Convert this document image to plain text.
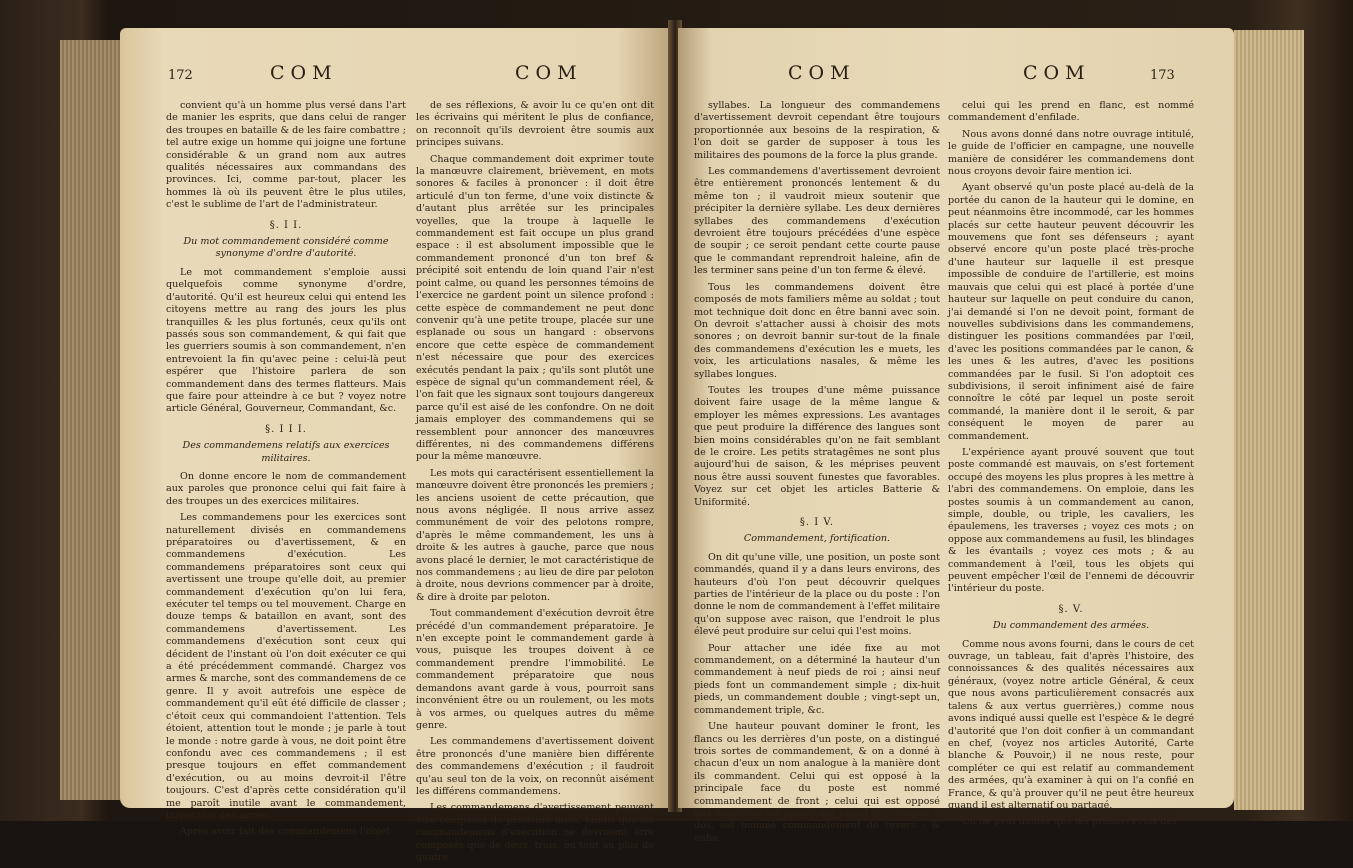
172	COM	COM

convient qu'à un homme plus versé dans l'art de manier les esprits, que dans celui de ranger des troupes en bataille & de les faire combattre ; tel autre exige un homme qui joigne une fortune considérable & un grand nom aux autres qualités nécessaires aux commandans des provinces. Ici, comme par-tout, placer les hommes là où ils peuvent être le plus utiles, c'est le sublime de l'art de l'administrateur.

§. I I.

Du mot commandement considéré comme synonyme d'ordre d'autorité.

Le mot commandement s'emploie aussi quelquefois comme synonyme d'ordre, d'autorité. Qu'il est heureux celui qui entend les citoyens mettre au rang des jours les plus tranquilles & les plus fortunés, ceux qu'ils ont passés sous son commandement, & qui fait que les guerriers soumis à son commandement, n'en entrevoient la fin qu'avec peine : celui-là peut espérer que l'histoire parlera de son commandement dans des termes flatteurs. Mais que faire pour atteindre à ce but ? voyez notre article Général, Gouverneur, Commandant, &c.

§. I I I.

Des commandemens relatifs aux exercices militaires.

On donne encore le nom de commandement aux paroles que prononce celui qui fait faire à des troupes un des exercices militaires.

Les commandemens pour les exercices sont naturellement divisés en commandemens préparatoires ou d'avertissement, & en commandemens d'exécution. Les commandemens préparatoires sont ceux qui avertissent une troupe qu'elle doit, au premier commandement d'exécution qu'on lui fera, exécuter tel temps ou tel mouvement. Charge en douze temps & bataillon en avant, sont des commandemens d'avertissement. Les commandemens d'exécution sont ceux qui décident de l'instant où l'on doit exécuter ce qui a été précédemment commandé. Chargez vos armes & marche, sont des commandemens de ce genre. Il y avoit autrefois une espèce de commandement qu'il eût été difficile de classer ; c'étoit ceux qui commandoient l'attention. Tels étoient, attention tout le monde ; je parle à tout le monde : notre garde à vous, ne doit point être confondu avec ces commandemens ; il est presque toujours en effet commandement d'exécution, ou au moins devroit-il l'être toujours. C'est d'après cette considération qu'il me paroît inutile avant le commandement, inspection des armes.

Après avoir fait des commandemens l'objet

de ses réflexions, & avoir lu ce qu'en ont dit les écrivains qui méritent le plus de confiance, on reconnoît qu'ils devroient être soumis aux principes suivans.

Chaque commandement doit exprimer toute la manœuvre clairement, brièvement, en mots sonores & faciles à prononcer : il doit être articulé d'un ton ferme, d'une voix distincte & d'autant plus arrêtée sur les principales voyelles, que la troupe à laquelle le commandement est fait occupe un plus grand espace : il est absolument impossible que le commandement prononcé d'un ton bref & précipité soit entendu de loin quand l'air n'est point calme, ou quand les personnes témoins de l'exercice ne gardent point un silence profond : cette espèce de commandement ne peut donc convenir qu'à une petite troupe, placée sur une esplanade ou sous un hangard : observons encore que cette espèce de commandement n'est nécessaire que pour des exercices exécutés pendant la paix ; qu'ils sont plutôt une espèce de signal qu'un commandement réel, & l'on fait que les signaux sont toujours dangereux parce qu'il est aisé de les confondre. On ne doit jamais employer des commandemens qui se ressemblent pour annoncer des manœuvres différentes, ni des commandemens différens pour la même manœuvre.

Les mots qui caractérisent essentiellement la manœuvre doivent être prononcés les premiers ; les anciens usoient de cette précaution, que nous avons négligée. Il nous arrive assez communément de voir des pelotons rompre, d'après le même commandement, les uns à droite & les autres à gauche, parce que nous avons placé le dernier, le mot caractéristique de nos commandemens ; au lieu de dire par peloton à droite, nous devrions commencer par à droite, & dire à droite par peloton.

Tout commandement d'exécution devroit être précédé d'un commandement préparatoire. Je n'en excepte point le commandement garde à vous, puisque les troupes doivent à ce commandement prendre l'immobilité. Le commandement préparatoire que nous demandons avant garde à vous, pourroit sans inconvénient être ou un roulement, ou les mots à vos armes, ou quelques autres du même genre.

Les commandemens d'avertissement doivent être prononcés d'une manière bien différente des commandemens d'exécution ; il faudroit qu'au seul ton de la voix, on reconnût aisément les différens commandemens.

Les commandemens d'avertissement peuvent être composés de plusieurs mots, tandis que les commandemens d'exécution ne devroient être composés que de deux, trois, ou tout au plus de quatre

COM	COM	173

syllabes. La longueur des commandemens d'avertissement devroit cependant être toujours proportionnée aux besoins de la respiration, & l'on doit se garder de supposer à tous les militaires des poumons de la force la plus grande.

Les commandemens d'avertissement devroient être entièrement prononcés lentement & du même ton ; il vaudroit mieux soutenir que précipiter la dernière syllabe. Les deux dernières syllabes des commandemens d'exécution devroient être toujours précédées d'une espèce de soupir ; ce seroit pendant cette courte pause que le commandant reprendroit haleine, afin de les terminer sans peine d'un ton ferme & élevé.

Tous les commandemens doivent être composés de mots familiers même au soldat ; tout mot technique doit donc en être banni avec soin. On devroit s'attacher aussi à choisir des mots sonores ; on devroit bannir sur-tout de la finale des commandemens d'exécution les e muets, les voix, les articulations nasales, & même les syllabes longues.

Toutes les troupes d'une même puissance doivent faire usage de la même langue & employer les mêmes expressions. Les avantages que peut produire la différence des langues sont bien moins considérables qu'on ne fait semblant de le croire. Les petits stratagêmes ne sont plus aujourd'hui de saison, & les méprises peuvent nous être aussi souvent funestes que favorables. Voyez sur cet objet les articles Batterie & Uniformité.

§. I V.

Commandement, fortification.

On dit qu'une ville, une position, un poste sont commandés, quand il y a dans leurs environs, des hauteurs d'où l'on peut découvrir quelques parties de l'intérieur de la place ou du poste : l'on donne le nom de commandement à l'effet militaire qu'on suppose avec raison, que l'endroit le plus élevé peut produire sur celui qui l'est moins.

Pour attacher une idée fixe au mot commandement, on a déterminé la hauteur d'un commandement à neuf pieds de roi ; ainsi neuf pieds font un commandement simple ; dix-huit pieds, un commandement double ; vingt-sept un, commandement triple, &c.

Une hauteur pouvant dominer le front, les flancs ou les derrières d'un poste, on a distingué trois sortes de commandement, & on a donné à chacun d'eux un nom analogue à la manière dont ils commandent. Celui qui est opposé à la principale face du poste est nommé commandement de front ; celui qui est opposé aux derrières du poste, qui prend les troupes à dos, est nommé commandement de revers ; & enfin

celui qui les prend en flanc, est nommé commandement d'enfilade.

Nous avons donné dans notre ouvrage intitulé, le guide de l'officier en campagne, une nouvelle manière de considérer les commandemens dont nous croyons devoir faire mention ici.

Ayant observé qu'un poste placé au-delà de la portée du canon de la hauteur qui le domine, en peut néanmoins être incommodé, car les hommes placés sur cette hauteur peuvent découvrir les mouvemens que font ses défenseurs ; ayant observé encore qu'un poste placé très-proche d'une hauteur sur laquelle il est presque impossible de conduire de l'artillerie, est moins mauvais que celui qui est placé à portée d'une hauteur sur laquelle on peut conduire du canon, j'ai demandé si l'on ne devoit point, formant de nouvelles subdivisions dans les commandemens, distinguer les positions commandées par l'œil, d'avec les positions commandées par le canon, & les unes & les autres, d'avec les positions commandées par le fusil. Si l'on adoptoit ces subdivisions, il seroit infiniment aisé de faire connoître le côté par lequel un poste seroit commandé, la manière dont il le seroit, & par conséquent le moyen de parer au commandement.

L'expérience ayant prouvé souvent que tout poste commandé est mauvais, on s'est fortement occupé des moyens les plus propres à les mettre à l'abri des commandemens. On emploie, dans les postes soumis à un commandement au canon, simple, double, ou triple, les cavaliers, les épaulemens, les traverses ; voyez ces mots ; on oppose aux commandemens au fusil, les blindages & les évantails ; voyez ces mots ; & au commandement à l'œil, tous les objets qui peuvent empêcher l'œil de l'ennemi de découvrir l'intérieur du poste.

§. V.

Du commandement des armées.

Comme nous avons fourni, dans le cours de cet ouvrage, un tableau, fait d'après l'histoire, des connoissances & des qualités nécessaires aux généraux, (voyez notre article Général, & ceux que nous avons particulièrement consacrés aux talens & aux vertus guerrières,) comme nous avons indiqué aussi quelle est l'espèce & le degré d'autorité que l'on doit confier à un commandant en chef, (voyez nos articles Autorité, Carte blanche & Pouvoir,) il ne nous reste, pour compléter ce qui est relatif au commandement des armées, qu'à examiner à qui on l'a confié en France, & qu'à prouver qu'il ne peut être heureux quand il est alternatif ou partagé.

On ne peut douter que les premiers rois des
